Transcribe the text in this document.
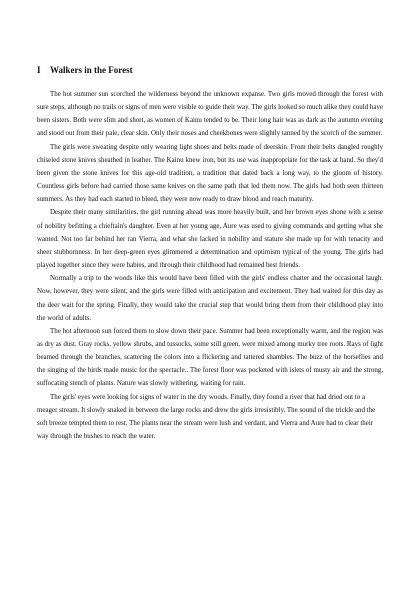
I Walkers in the Forest

The hot summer sun scorched the wilderness beyond the unknown expanse. Two girls moved through the forest with sure steps, although no trails or signs of men were visible to guide their way. The girls looked so much alike they could have been sisters. Both were slim and short, as women of Kainu tended to be. Their long hair was as dark as the autumn evening and stood out from their pale, clear skin. Only their noses and cheekbones were slightly tanned by the scorch of the summer.

The girls were sweating despite only wearing light shoes and belts made of deerskin. From their belts dangled roughly chiseled stone knives sheathed in leather. The Kainu knew iron, but its use was inappropriate for the task at hand. So they'd been given the stone knives for this age-old tradition, a tradition that dated back a long way, to the gloom of history. Countless girls before had carried those same knives on the same path that led them now. The girls had both seen thirteen summers. As they had each started to bleed, they were now ready to draw blood and reach maturity.

Despite their many similarities, the girl running ahead was more heavily built, and her brown eyes shone with a sense of nobility befitting a chieftain's daughter. Even at her young age, Aure was used to giving commands and getting what she wanted. Not too far behind her ran Vierra, and what she lacked in nobility and stature she made up for with tenacity and sheer stubbornness. In her deep-green eyes glimmered a determination and optimism typical of the young. The girls had played together since they were babies, and through their childhood had remained best friends.

Normally a trip to the woods like this would have been filled with the girls' endless chatter and the occasional laugh. Now, however, they were silent, and the girls were filled with anticipation and excitement. They had waited for this day as the deer wait for the spring. Finally, they would take the crucial step that would bring them from their childhood play into the world of adults.

The hot afternoon sun forced them to slow down their pace. Summer had been exceptionally warm, and the region was as dry as dust. Gray rocks, yellow shrubs, and tussocks, some still green, were mixed among murky tree roots. Rays of light beamed through the branches, scattering the colors into a flickering and tattered shambles. The buzz of the horseflies and the singing of the birds made music for the spectacle.. The forest floor was pocketed with islets of musty air and the strong, suffocating stench of plants. Nature was slowly withering, waiting for rain.

The girls' eyes were looking for signs of water in the dry woods. Finally, they found a river that had dried out to a meager stream. It slowly snaked in between the large rocks and drew the girls irresistibly. The sound of the trickle and the soft breeze tempted them to rest. The plants near the stream were lush and verdant, and Vierra and Aure had to clear their way through the bushes to reach the water.
